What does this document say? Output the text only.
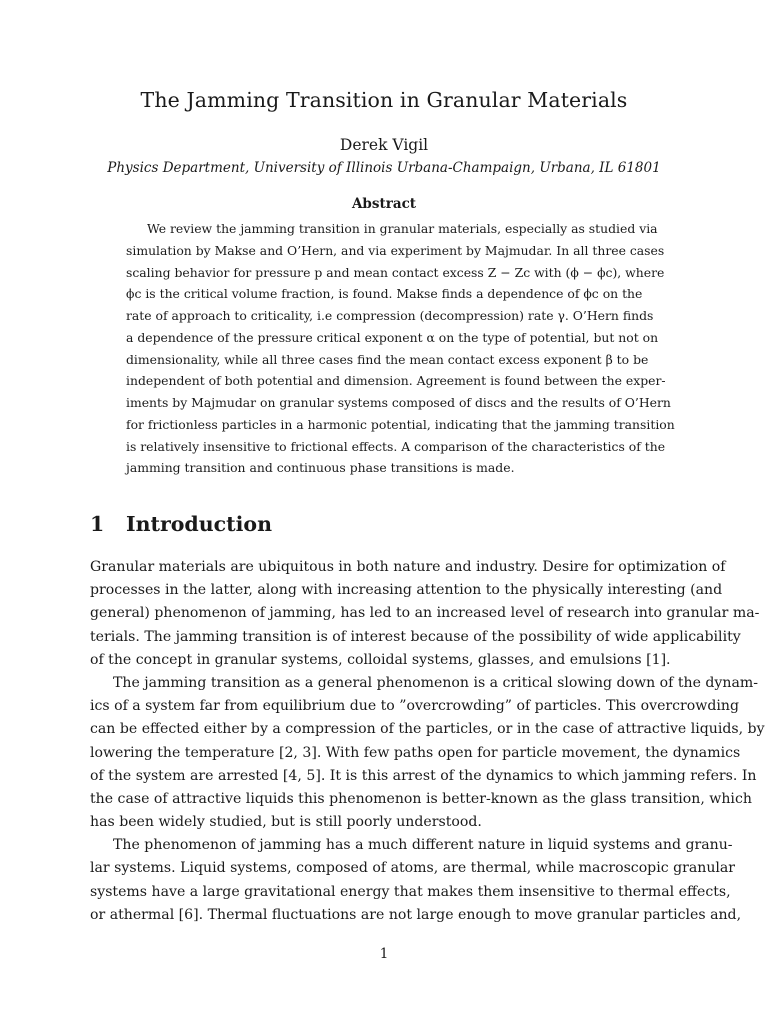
The Jamming Transition in Granular Materials
Derek Vigil
Physics Department, University of Illinois Urbana-Champaign, Urbana, IL 61801
Abstract
We review the jamming transition in granular materials, especially as studied via
simulation by Makse and O’Hern, and via experiment by Majmudar. In all three cases
scaling behavior for pressure p and mean contact excess Z − Zc with (ϕ − ϕc), where
ϕc is the critical volume fraction, is found. Makse finds a dependence of ϕc on the
rate of approach to criticality, i.e compression (decompression) rate γ. O’Hern finds
a dependence of the pressure critical exponent α on the type of potential, but not on
dimensionality, while all three cases find the mean contact excess exponent β to be
independent of both potential and dimension. Agreement is found between the exper-
iments by Majmudar on granular systems composed of discs and the results of O’Hern
for frictionless particles in a harmonic potential, indicating that the jamming transition
is relatively insensitive to frictional effects. A comparison of the characteristics of the
jamming transition and continuous phase transitions is made.
1 Introduction
Granular materials are ubiquitous in both nature and industry. Desire for optimization of
processes in the latter, along with increasing attention to the physically interesting (and
general) phenomenon of jamming, has led to an increased level of research into granular ma-
terials. The jamming transition is of interest because of the possibility of wide applicability
of the concept in granular systems, colloidal systems, glasses, and emulsions [1].
The jamming transition as a general phenomenon is a critical slowing down of the dynam-
ics of a system far from equilibrium due to ”overcrowding” of particles. This overcrowding
can be effected either by a compression of the particles, or in the case of attractive liquids, by
lowering the temperature [2, 3]. With few paths open for particle movement, the dynamics
of the system are arrested [4, 5]. It is this arrest of the dynamics to which jamming refers. In
the case of attractive liquids this phenomenon is better-known as the glass transition, which
has been widely studied, but is still poorly understood.
The phenomenon of jamming has a much different nature in liquid systems and granu-
lar systems. Liquid systems, composed of atoms, are thermal, while macroscopic granular
systems have a large gravitational energy that makes them insensitive to thermal effects,
or athermal [6]. Thermal fluctuations are not large enough to move granular particles and,
1
